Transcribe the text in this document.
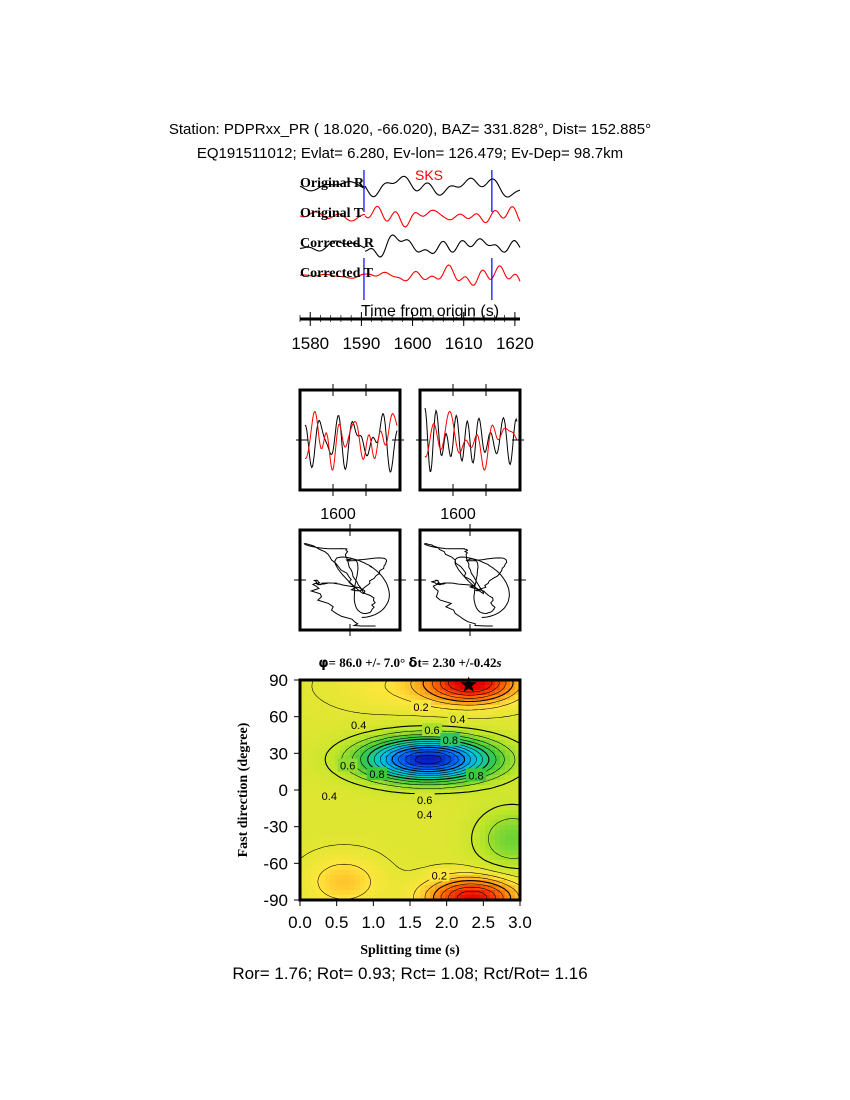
Station: PDPRxx_PR ( 18.020, -66.020), BAZ= 331.828°, Dist= 152.885°
EQ191511012; Evlat= 6.280, Ev-lon= 126.479; Ev-Dep= 98.7km
Original R
Original T
Corrected R
Corrected T
SKS
Time from origin (s)
1580 1590 1600 1610 1620
1600	1600
φ= 86.0 +/- 7.0° δt= 2.30 +/-0.42s
0.2
0.4
0.6
0.8
0.4
0.6
0.8	0.8
0.6
0.4
0.4
0.2
0.0 0.5 1.0 1.5 2.0 2.5 3.0
90
60
30
0
-30
-60
-90
Splitting time (s)
Fast direction (degree)
Ror= 1.76; Rot= 0.93; Rct= 1.08; Rct/Rot= 1.16
